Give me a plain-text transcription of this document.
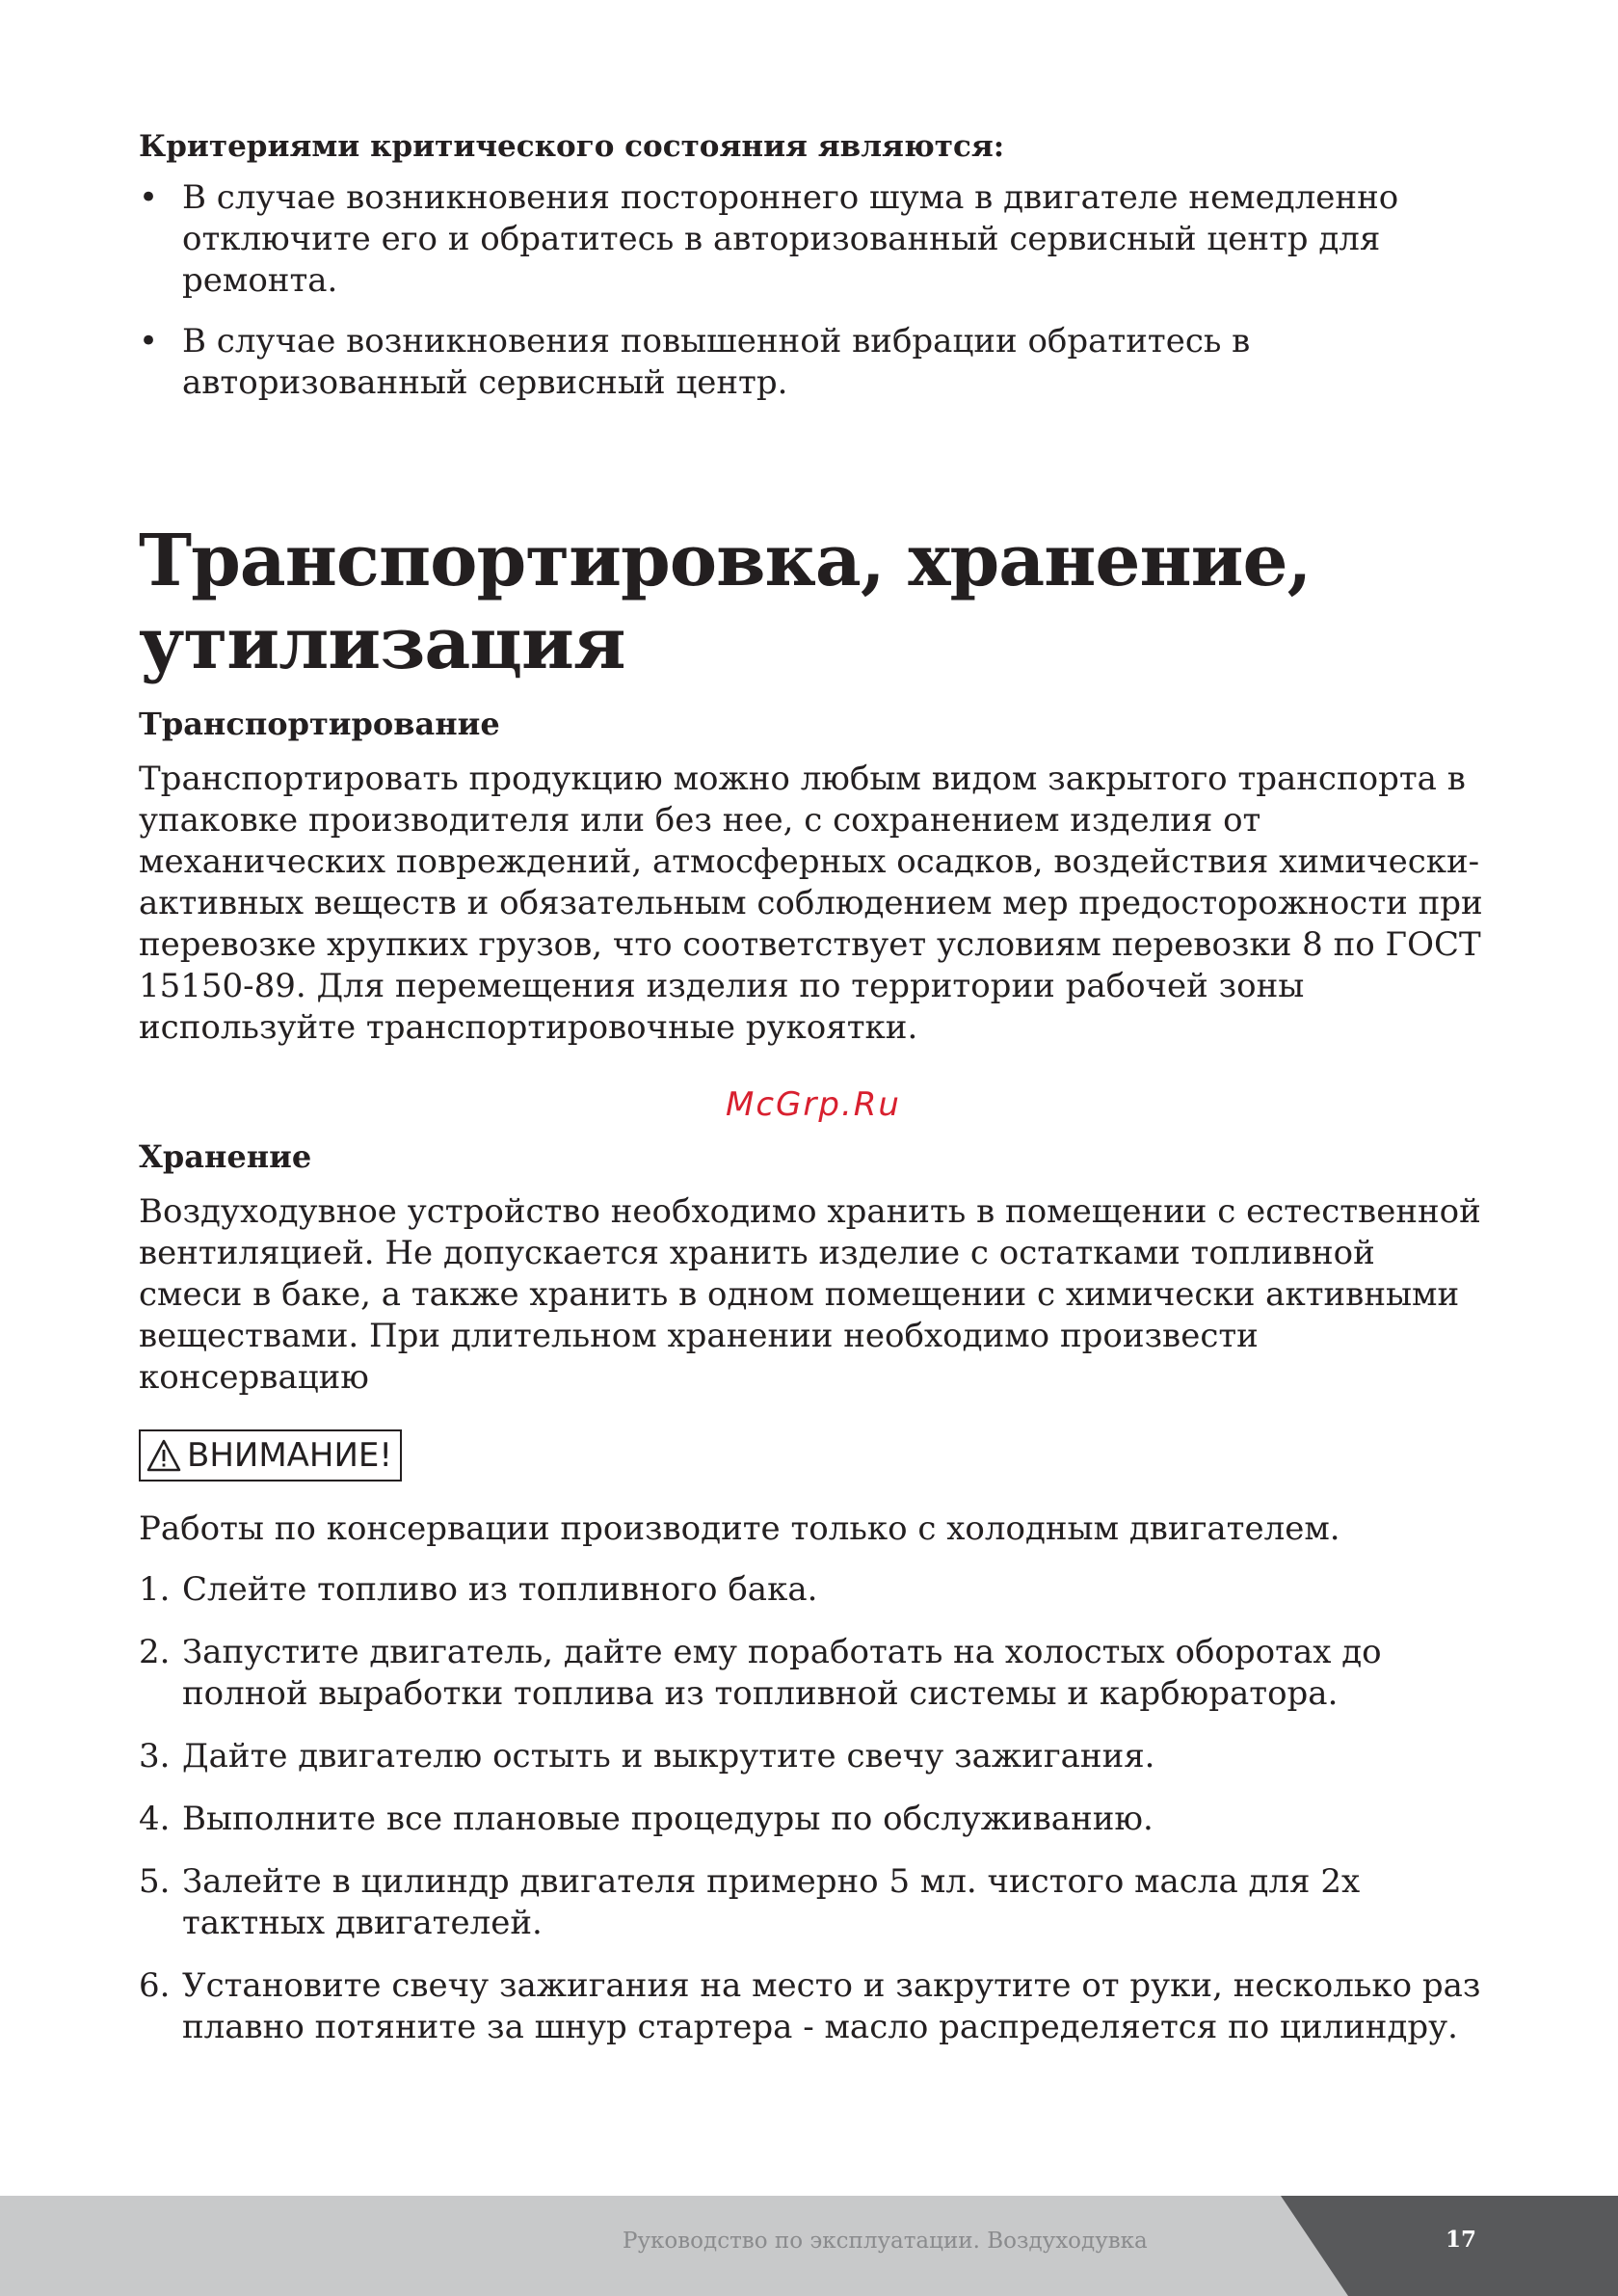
Критериями критического состояния являются:
• В случае возникновения постороннего шума в двигателе немедленно отключите его и обратитесь в авторизованный сервисный центр для ремонта.
• В случае возникновения повышенной вибрации обратитесь в авторизованный сервисный центр.
Транспортировка, хранение,
утилизация
Транспортирование

Транспортировать продукцию можно любым видом закрытого транспорта в упаковке производителя или без нее, с сохранением изделия от механических повреждений, атмосферных осадков, воздействия химически-активных веществ и обязательным соблюдением мер предосторожности при перевозке хрупких грузов, что соответствует условиям перевозки 8 по ГОСТ 15150-89. Для перемещения изделия по территории рабочей зоны используйте транспортировочные рукоятки.

McGrp.Ru
Хранение

Воздуходувное устройство необходимо хранить в помещении с естественной вентиляцией. Не допускается хранить изделие с остатками топливной смеси в баке, а также хранить в одном помещении с химически активными веществами. При длительном хранении необходимо произвести консервацию

ВНИМАНИЕ!

Работы по консервации производите только с холодным двигателем.

1. Слейте топливо из топливного бака.
2. Запустите двигатель, дайте ему поработать на холостых оборотах до полной выработки топлива из топливной системы и карбюратора.
3. Дайте двигателю остыть и выкрутите свечу зажигания.
4. Выполните все плановые процедуры по обслуживанию.
5. Залейте в цилиндр двигателя примерно 5 мл. чистого масла для 2х тактных двигателей.
6. Установите свечу зажигания на место и закрутите от руки, несколько раз плавно потяните за шнур стартера - масло распределяется по цилиндру.
Руководство по эксплуатации. Воздуходувка	17
